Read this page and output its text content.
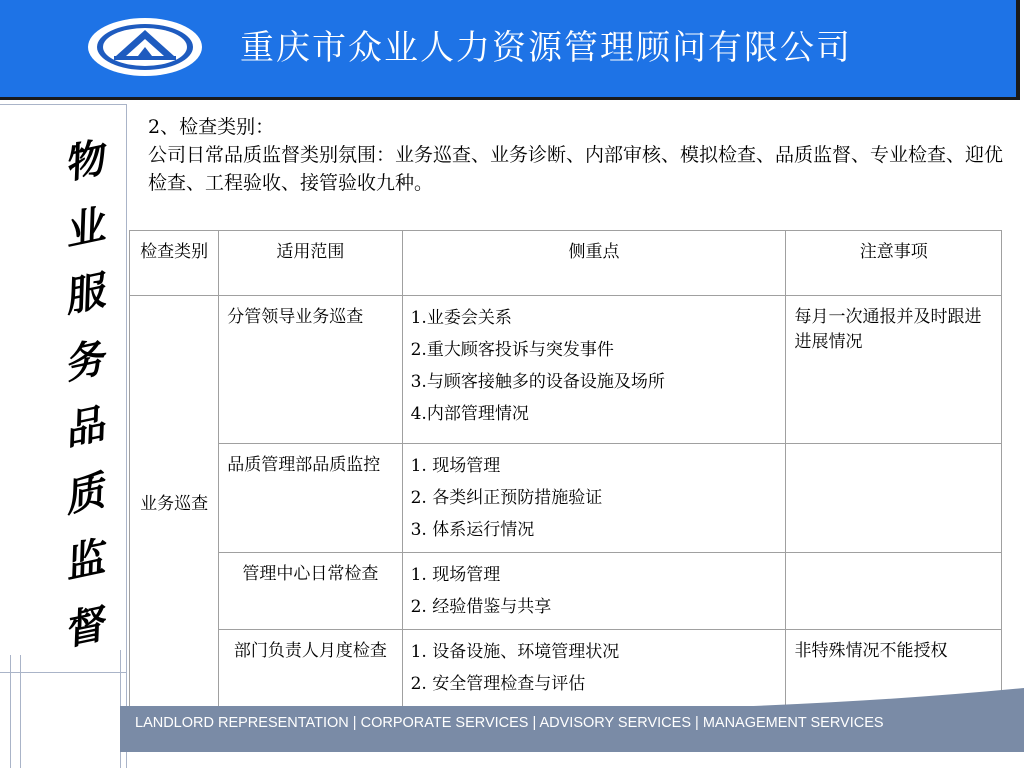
重庆市众业人力资源管理顾问有限公司
物
业
服
务
品
质
监
督
2、检查类别：
公司日常品质监督类别氛围：业务巡查、业务诊断、内部审核、模拟检查、品质监督、专业检查、迎优检查、工程验收、接管验收九种。
检查类别	适用范围	侧重点	注意事项
业务巡查	分管领导业务巡查	1.业委会关系
2.重大顾客投诉与突发事件
3.与顾客接触多的设备设施及场所
4.内部管理情况	每月一次通报并及时跟进进展情况
	品质管理部品质监控	1. 现场管理
2. 各类纠正预防措施验证
3. 体系运行情况	

	管理中心日常检查	1. 现场管理
2. 经验借鉴与共享	

	部门负责人月度检查	1. 设备设施、环境管理状况
2. 安全管理检查与评估	非特殊情况不能授权
LANDLORD REPRESENTATION | CORPORATE SERVICES | ADVISORY SERVICES | MANAGEMENT SERVICES
